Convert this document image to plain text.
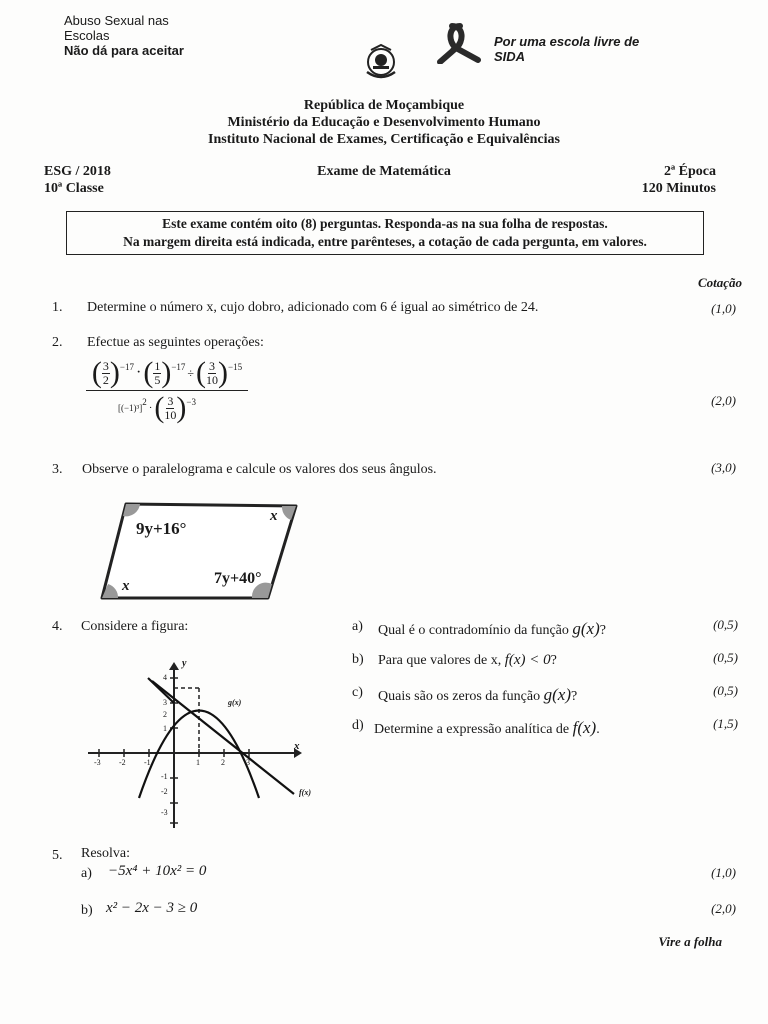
Abuso Sexual nas
Escolas
Não dá para aceitar
Por uma escola livre de
SIDA
República de Moçambique
Ministério da Educação e Desenvolvimento Humano
Instituto Nacional de Exames, Certificação e Equivalências
ESG / 2018
10ª Classe
Exame de Matemática	2ª Época
120 Minutos
Este exame contém oito (8) perguntas. Responda-as na sua folha de respostas.
Na margem direita está indicada, entre parênteses, a cotação de cada pergunta, em valores.
Cotação
1. Determine o número x, cujo dobro, adicionado com 6 é igual ao simétrico de 24.	(1,0)
2. Efectue as seguintes operações:
(2,0)
( $\frac{3}{2}$ ) −17 · ( $\frac{1}{5}$ ) −17 ÷ ( $\frac{3}{10}$ ) −15
[(−1)³]
2 · ( $\frac{3}{10}$ ) −3
3. Observe o paralelograma e calcule os valores dos seus ângulos.	(3,0)
9y+16°
x
x	7y+40°
4. Considere a figura:
x
y
g(x)
f(x)
-3 -2 -1	1	2	3
4
3
2
1
-1
-2
-3
a) Qual é o contradomínio da função g(x)?	(0,5)
b) Para que valores de x, f(x) < 0?	(0,5)
c) Quais são os zeros da função g(x)?	(0,5)
d) Determine a expressão analítica de f(x).	(1,5)
5. Resolva:
a) −5x⁴ + 10x² = 0	(1,0)
b) x² − 2x − 3 ≥ 0	(2,0)
Vire a folha
